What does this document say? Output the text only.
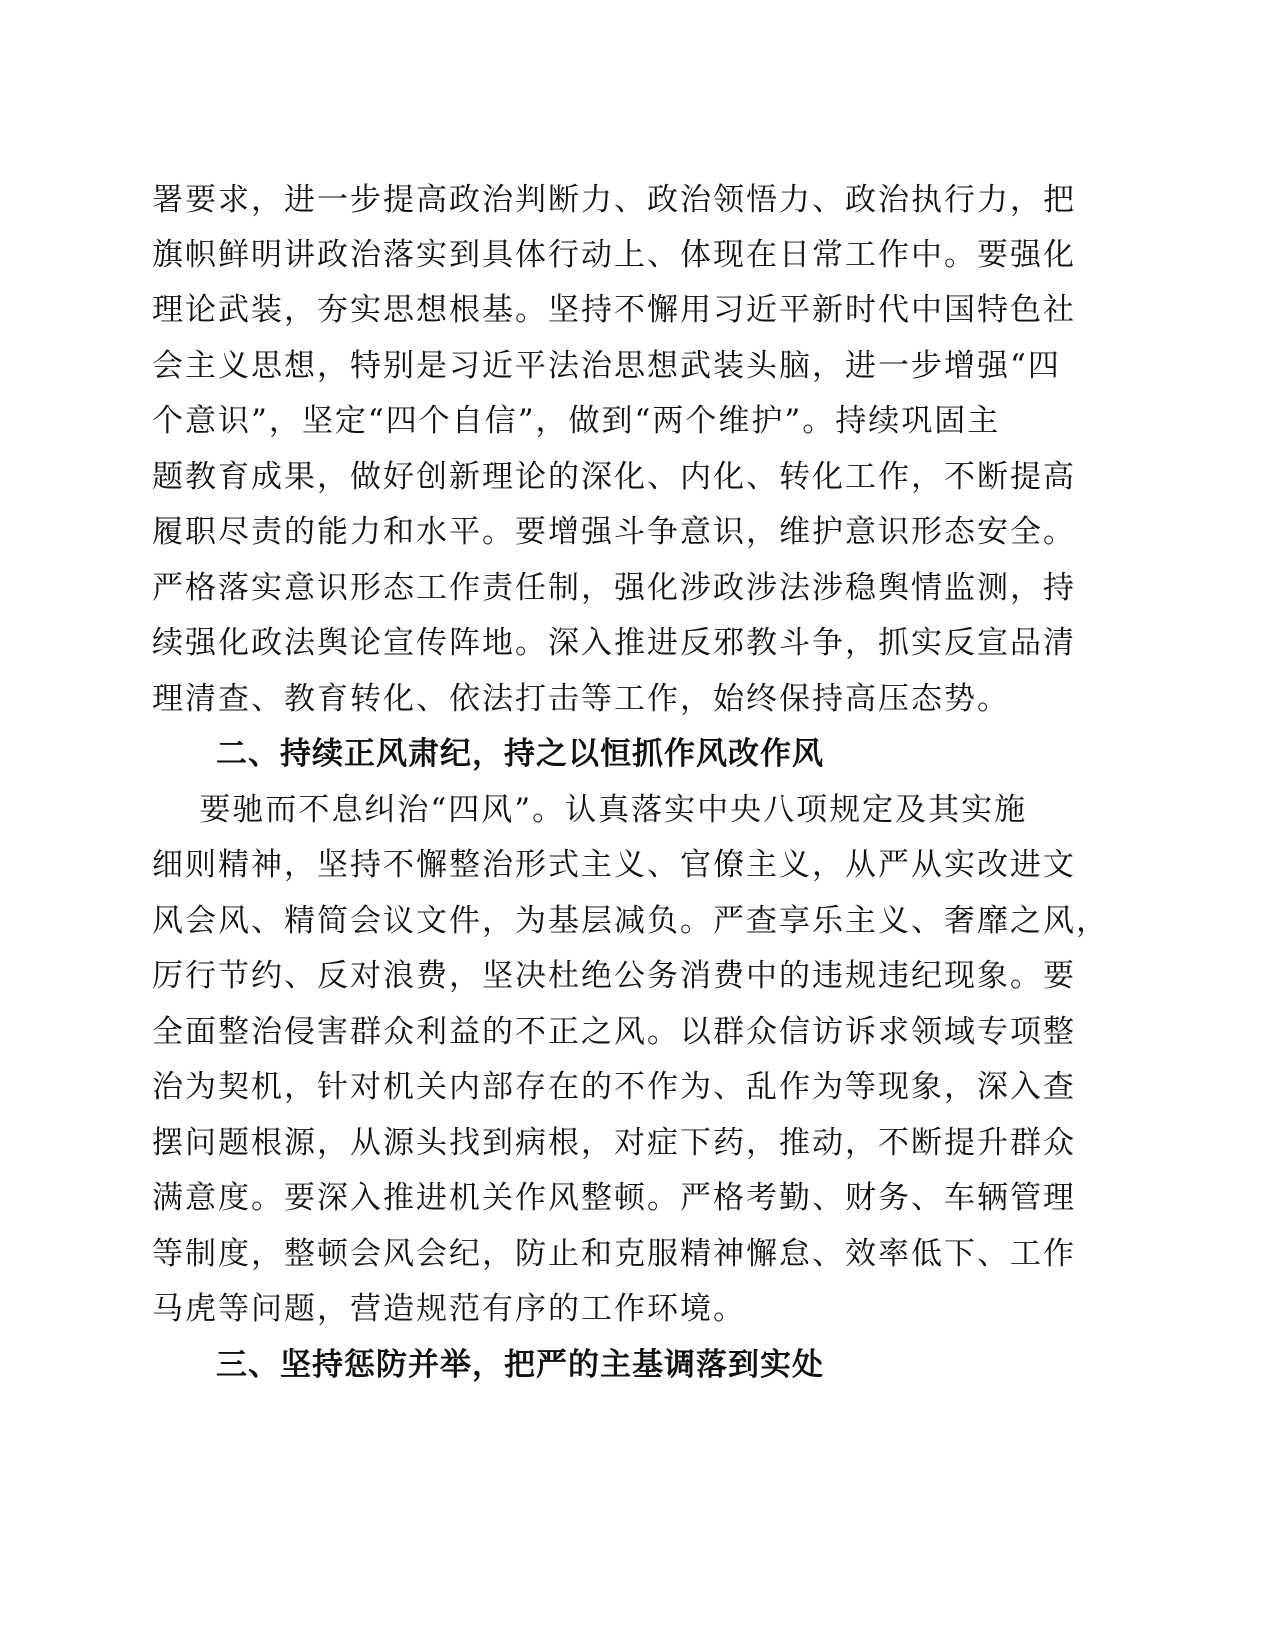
署要求，进一步提高政治判断力、政治领悟力、政治执行力，把

旗帜鲜明讲政治落实到具体行动上、体现在日常工作中。要强化

理论武装，夯实思想根基。坚持不懈用习近平新时代中国特色社

会主义思想，特别是习近平法治思想武装头脑，进一步增强“四

个意识”，坚定“四个自信”，做到“两个维护”。持续巩固主

题教育成果，做好创新理论的深化、内化、转化工作，不断提高

履职尽责的能力和水平。要增强斗争意识，维护意识形态安全。

严格落实意识形态工作责任制，强化涉政涉法涉稳舆情监测，持

续强化政法舆论宣传阵地。深入推进反邪教斗争，抓实反宣品清

理清查、教育转化、依法打击等工作，始终保持高压态势。

二、持续正风肃纪，持之以恒抓作风改作风

要驰而不息纠治“四风”。认真落实中央八项规定及其实施

细则精神，坚持不懈整治形式主义、官僚主义，从严从实改进文

风会风、精简会议文件，为基层减负。严查享乐主义、奢靡之风，

厉行节约、反对浪费，坚决杜绝公务消费中的违规违纪现象。要

全面整治侵害群众利益的不正之风。以群众信访诉求领域专项整

治为契机，针对机关内部存在的不作为、乱作为等现象，深入查

摆问题根源，从源头找到病根，对症下药，推动，不断提升群众

满意度。要深入推进机关作风整顿。严格考勤、财务、车辆管理

等制度，整顿会风会纪，防止和克服精神懈怠、效率低下、工作

马虎等问题，营造规范有序的工作环境。

三、坚持惩防并举，把严的主基调落到实处
